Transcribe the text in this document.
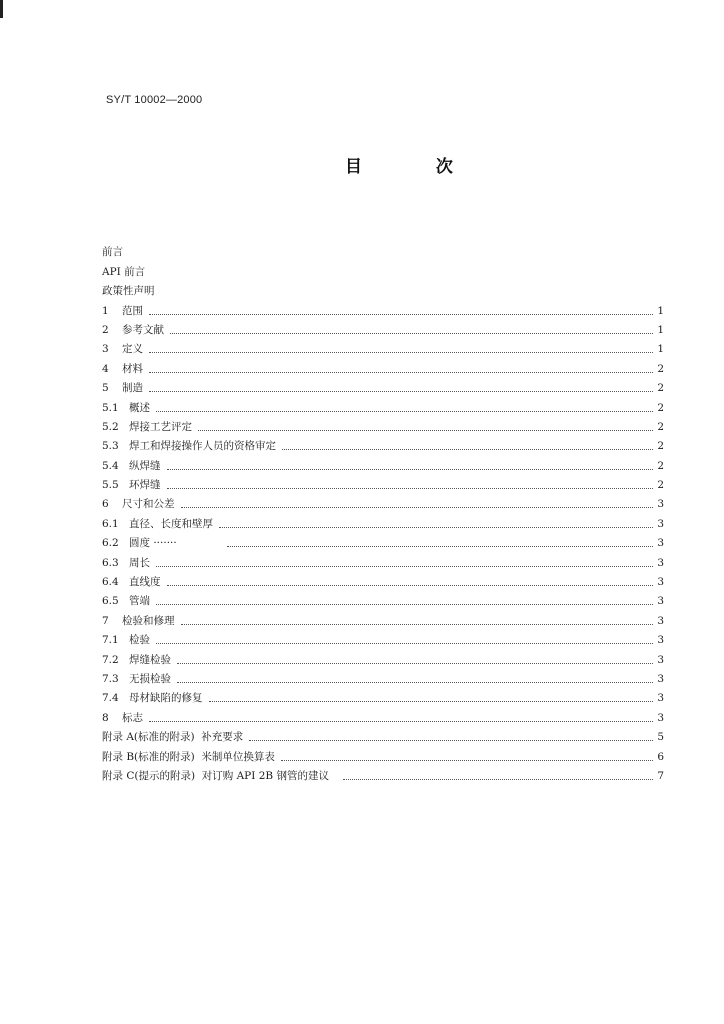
SY/T 10002—2000
目 次
前言
API 前言
政策性声明
1	范围	1
2	参考文献	1
3	定义	1
4	材料	2
5	制造	2
5.1 概述	2
5.2 焊接工艺评定	2
5.3 焊工和焊接操作人员的资格审定	2
5.4 纵焊缝	2
5.5 环焊缝	2
6	尺寸和公差	3
6.1 直径、长度和壁厚	3
6.2 圆度 ·······	3
6.3 周长	3
6.4 直线度	3
6.5 管端	3
7	检验和修理	3
7.1 检验	3
7.2 焊缝检验	3
7.3 无损检验	3
7.4 母材缺陷的修复	3
8	标志	3
附录 A(标准的附录)  补充要求	5
附录 B(标准的附录)  米制单位换算表	6
附录 C(提示的附录)  对订购 API 2B 钢管的建议	7
